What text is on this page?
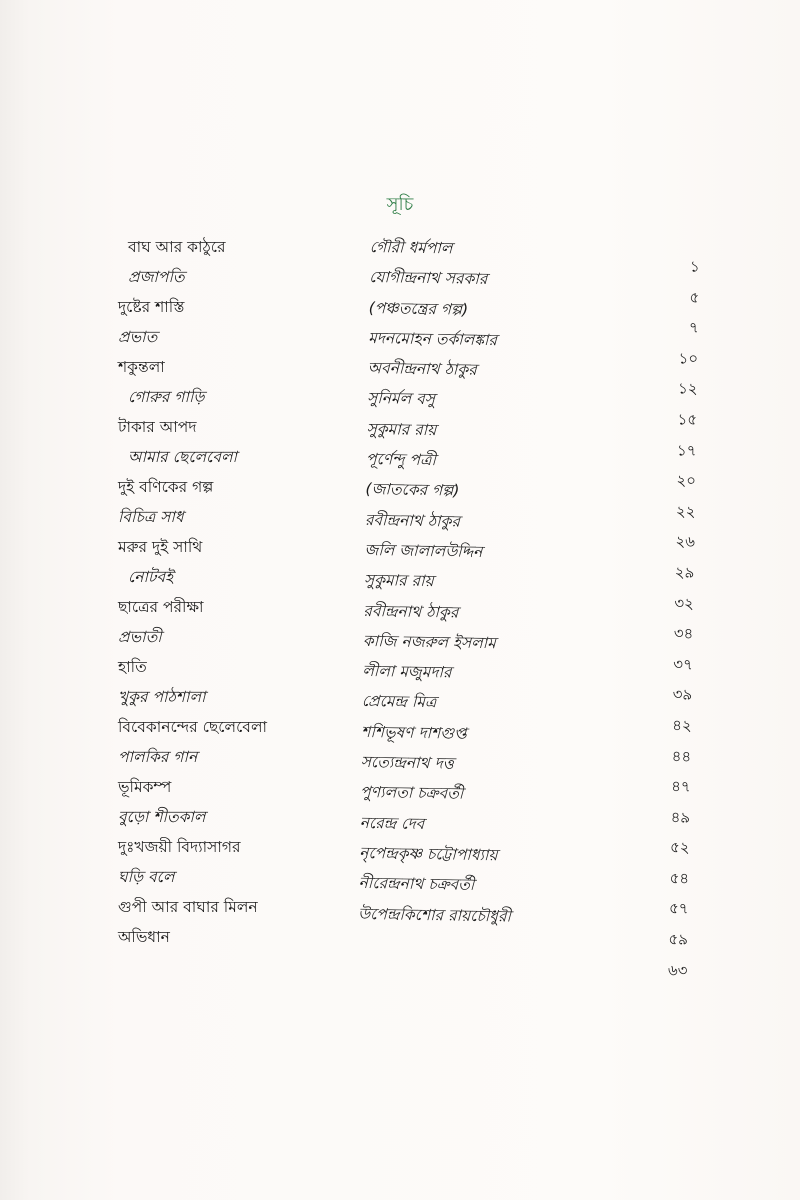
সূচি
বাঘ আর কাঠুরে
প্রজাপতি
দুষ্টের শাস্তি
প্রভাত
শকুন্তলা
গোরুর গাড়ি
টাকার আপদ
আমার ছেলেবেলা
দুই বণিকের গল্প
বিচিত্র সাধ
মরুর দুই সাথি
নোটবই
ছাত্রের পরীক্ষা
প্রভাতী
হাতি
খুকুর পাঠশালা
বিবেকানন্দের ছেলেবেলা
পালকির গান
ভূমিকম্প
বুড়ো শীতকাল
দুঃখজয়ী বিদ্যাসাগর
ঘড়ি বলে
গুপী আর বাঘার মিলন
অভিধান
গৌরী ধর্মপাল
যোগীন্দ্রনাথ সরকার
(পঞ্চতন্ত্রের গল্প)
মদনমোহন তর্কালঙ্কার
অবনীন্দ্রনাথ ঠাকুর
সুনির্মল বসু
সুকুমার রায়
পূর্ণেন্দু পত্রী
(জাতকের গল্প)
রবীন্দ্রনাথ ঠাকুর
জলি জালালউদ্দিন
সুকুমার রায়
রবীন্দ্রনাথ ঠাকুর
কাজি নজরুল ইসলাম
লীলা মজুমদার
প্রেমেন্দ্র মিত্র
শশিভূষণ দাশগুপ্ত
সত্যেন্দ্রনাথ দত্ত
পুণ্যলতা চক্রবর্তী
নরেন্দ্র দেব
নৃপেন্দ্রকৃষ্ণ চট্টোপাধ্যায়
নীরেন্দ্রনাথ চক্রবর্তী
উপেন্দ্রকিশোর রায়চৌধুরী
১
৫
৭
১০
১২
১৫
১৭
২০
২২
২৬
২৯
৩২
৩৪
৩৭
৩৯
৪২
৪৪
৪৭
৪৯
৫২
৫৪
৫৭
৫৯
৬৩
